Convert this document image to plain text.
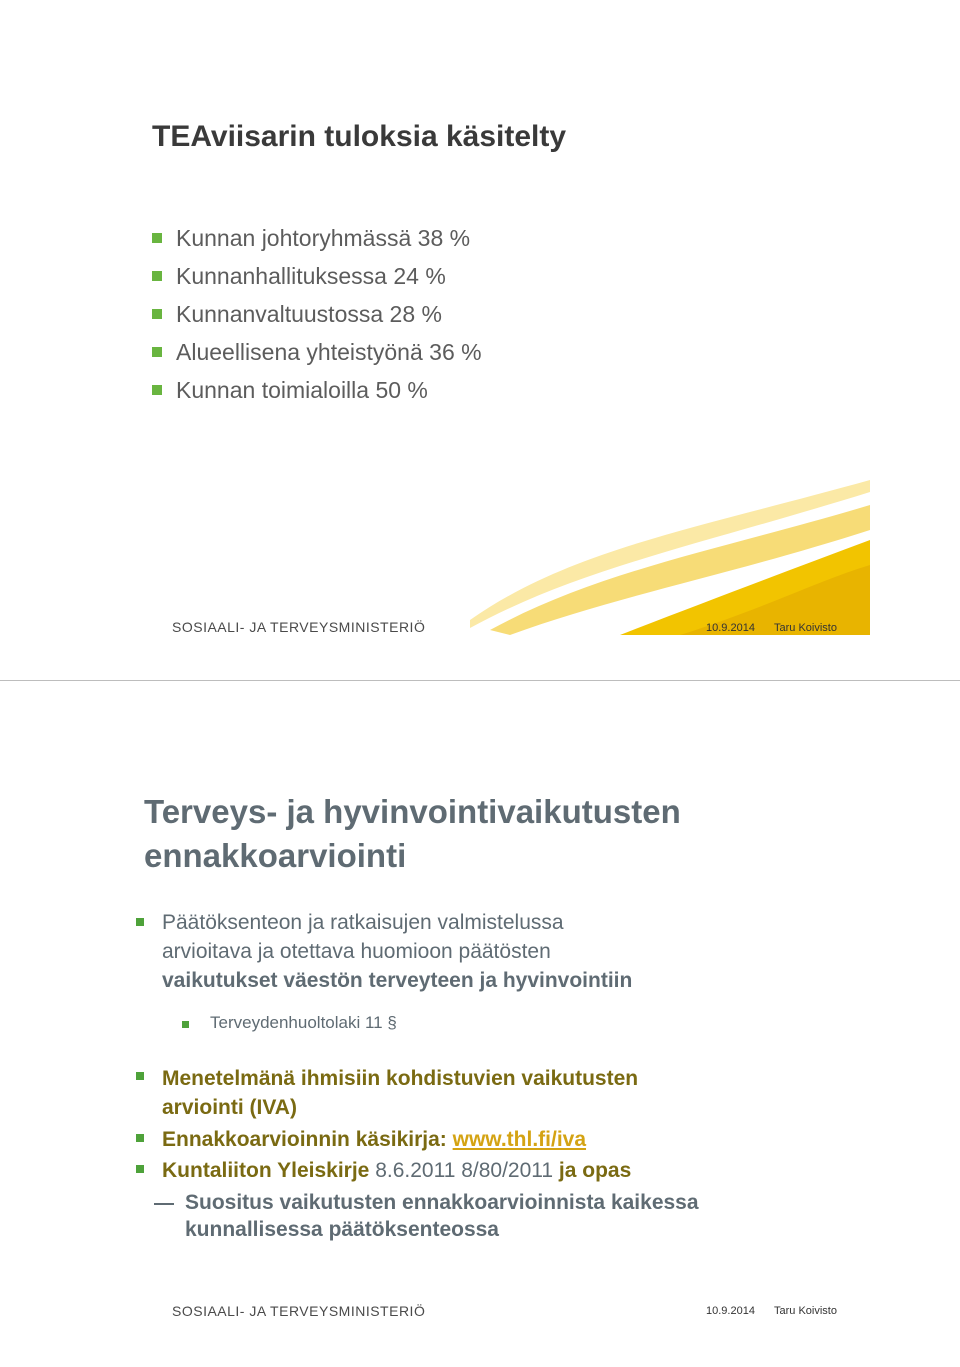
TEAviisarin tuloksia käsitelty
Kunnan johtoryhmässä 38 %
Kunnanhallituksessa 24 %
Kunnanvaltuustossa 28 %
Alueellisena yhteistyönä 36 %
Kunnan toimialoilla 50 %
SOSIAALI- JA TERVEYSMINISTERIÖ	10.9.2014 Taru Koivisto
Terveys- ja hyvinvointivaikutusten
ennakkoarviointi
Päätöksenteon ja ratkaisujen valmistelussa
arvioitava ja otettava huomioon päätösten
vaikutukset väestön terveyteen ja hyvinvointiin
Terveydenhuoltolaki 11 §
Menetelmänä ihmisiin kohdistuvien vaikutusten
arviointi (IVA)
Ennakkoarvioinnin käsikirja: www.thl.fi/iva
Kuntaliiton Yleiskirje 8.6.2011 8/80/2011 ja opas
Suositus vaikutusten ennakkoarvioinnista kaikessa
kunnallisessa päätöksenteossa
SOSIAALI- JA TERVEYSMINISTERIÖ	10.9.2014 Taru Koivisto
